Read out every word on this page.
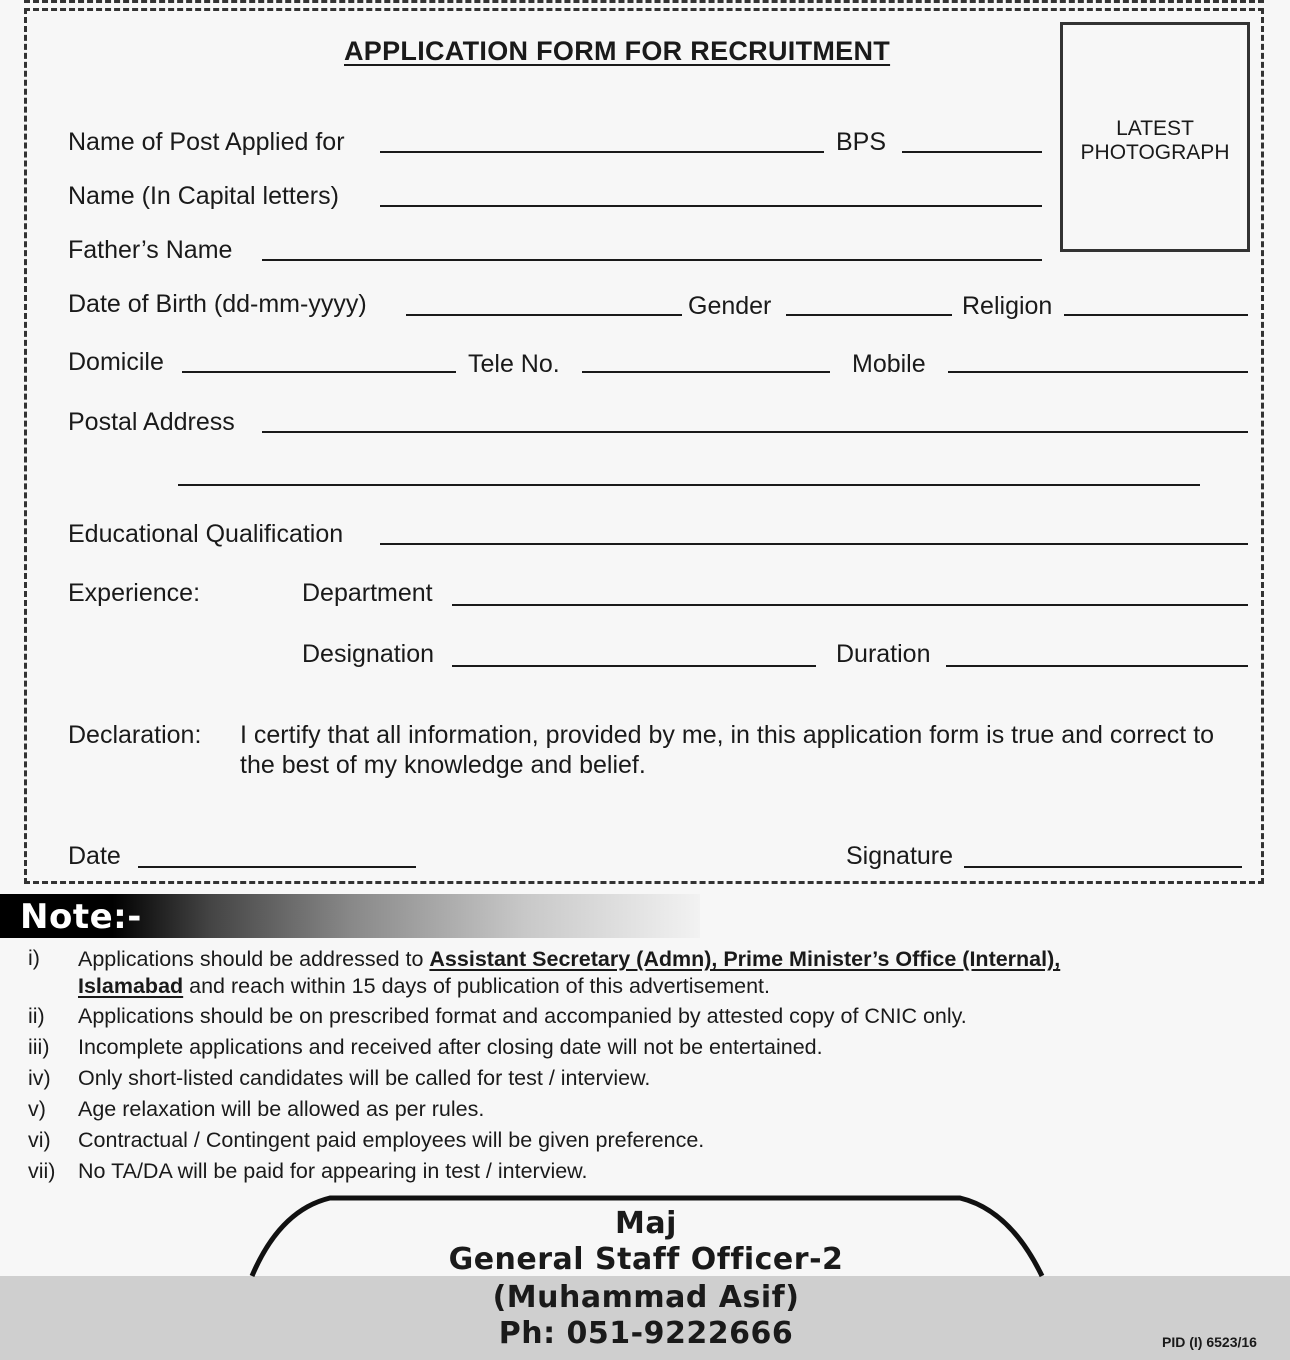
APPLICATION FORM FOR RECRUITMENT
LATEST
PHOTOGRAPH
Name of Post Applied for	BPS
Name (In Capital letters)
Father’s Name
Date of Birth (dd-mm-yyyy)	Gender	Religion
Domicile	Tele No.	Mobile
Postal Address
Educational Qualification
Experience:	Department
Designation	Duration
Declaration: I certify that all information, provided by me, in this application form is true and correct to the best of my knowledge and belief.
Date	Signature
Note:-
i) Applications should be addressed to Assistant Secretary (Admn), Prime Minister’s Office (Internal),
Islamabad and reach within 15 days of publication of this advertisement.
ii) Applications should be on prescribed format and accompanied by attested copy of CNIC only.
iii) Incomplete applications and received after closing date will not be entertained.
iv) Only short-listed candidates will be called for test / interview.
v) Age relaxation will be allowed as per rules.
vi) Contractual / Contingent paid employees will be given preference.
vii) No TA/DA will be paid for appearing in test / interview.
Maj
General Staff Officer-2
(Muhammad Asif)
Ph: 051-9222666	PID (I) 6523/16
